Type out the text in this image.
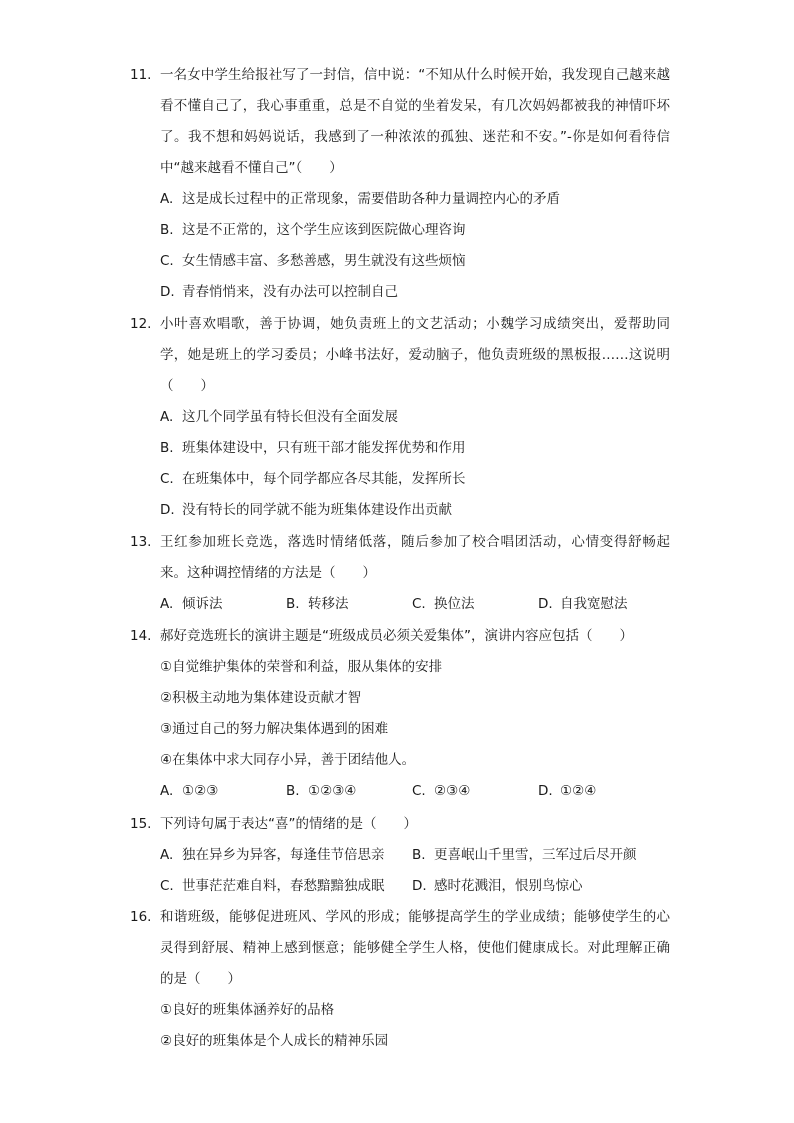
11. 一名女中学生给报社写了一封信，信中说：“不知从什么时候开始，我发现自己越来越看不懂自己了，我心事重重，总是不自觉的坐着发呆，有几次妈妈都被我的神情吓坏了。我不想和妈妈说话，我感到了一种浓浓的孤独、迷茫和不安。”-你是如何看待信中“越来越看不懂自己”（　　）
A. 这是成长过程中的正常现象，需要借助各种力量调控内心的矛盾
B. 这是不正常的，这个学生应该到医院做心理咨询
C. 女生情感丰富、多愁善感，男生就没有这些烦恼
D. 青春悄悄来，没有办法可以控制自己
12. 小叶喜欢唱歌，善于协调，她负责班上的文艺活动；小魏学习成绩突出，爱帮助同学，她是班上的学习委员；小峰书法好，爱动脑子，他负责班级的黑板报……这说明（　　）
A. 这几个同学虽有特长但没有全面发展
B. 班集体建设中，只有班干部才能发挥优势和作用
C. 在班集体中，每个同学都应各尽其能，发挥所长
D. 没有特长的同学就不能为班集体建设作出贡献
13. 王红参加班长竞选，落选时情绪低落，随后参加了校合唱团活动，心情变得舒畅起来。这种调控情绪的方法是（　　）
A. 倾诉法	B. 转移法	C. 换位法	D. 自我宽慰法
14. 郝好竞选班长的演讲主题是“班级成员必须关爱集体”，演讲内容应包括（　　）
①自觉维护集体的荣誉和利益，服从集体的安排
②积极主动地为集体建设贡献才智
③通过自己的努力解决集体遇到的困难
④在集体中求大同存小异，善于团结他人。
A. ①②③	B. ①②③④	C. ②③④	D. ①②④
15. 下列诗句属于表达“喜”的情绪的是（　　）
A. 独在异乡为异客，每逢佳节倍思亲	B. 更喜岷山千里雪，三军过后尽开颜
C. 世事茫茫难自料，春愁黯黯独成眠	D. 感时花溅泪，恨别鸟惊心
16. 和谐班级，能够促进班风、学风的形成；能够提高学生的学业成绩；能够使学生的心灵得到舒展、精神上感到惬意；能够健全学生人格，使他们健康成长。对此理解正确的是（　　）
①良好的班集体涵养好的品格
②良好的班集体是个人成长的精神乐园
